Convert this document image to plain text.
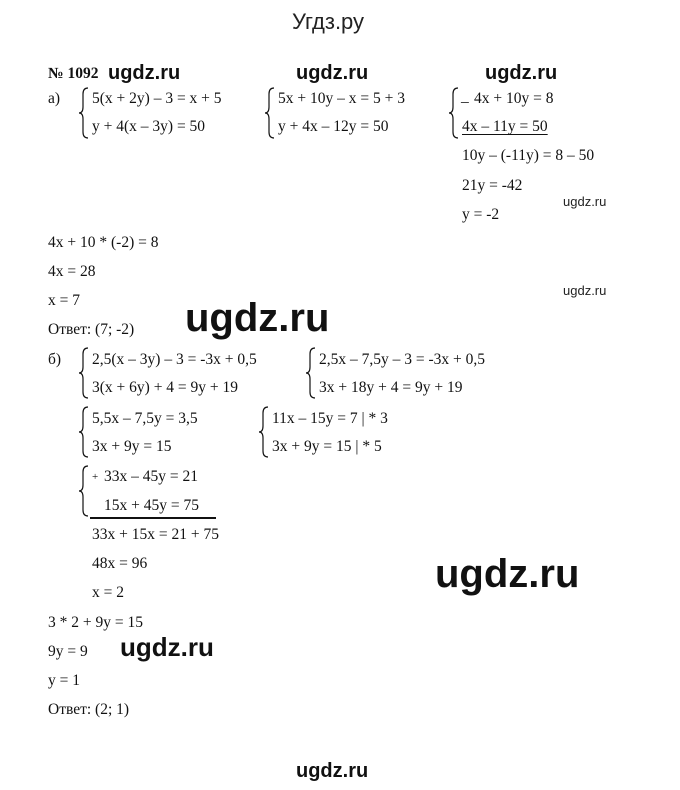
Угдз.ру
ugdz.ru	ugdz.ru	ugdz.ru
ugdz.ru
ugdz.ru
ugdz.ru
ugdz.ru
ugdz.ru
ugdz.ru
№ 1092
а) 5(x + 2y) – 3 = x + 5
y + 4(x – 3y) = 50
5x + 10y – x = 5 + 3
y + 4x – 12y = 50
_ 4x + 10y = 8
4x – 11y = 50
10y – (-11y) = 8 – 50
21y = -42
y = -2
4x + 10 * (-2) = 8
4x = 28
x = 7
Ответ: (7; -2)
б) 2,5(x – 3y) – 3 = -3x + 0,5
3(x + 6y) + 4 = 9y + 19
2,5x – 7,5y – 3 = -3x + 0,5
3x + 18y + 4 = 9y + 19
5,5x – 7,5y = 3,5
3x + 9y = 15
11x – 15y = 7 | * 3
3x + 9y = 15 | * 5
+ 33x – 45y = 21
15x + 45y = 75
33x + 15x = 21 + 75
48x = 96
x = 2
3 * 2 + 9y = 15
9y = 9
y = 1
Ответ: (2; 1)
